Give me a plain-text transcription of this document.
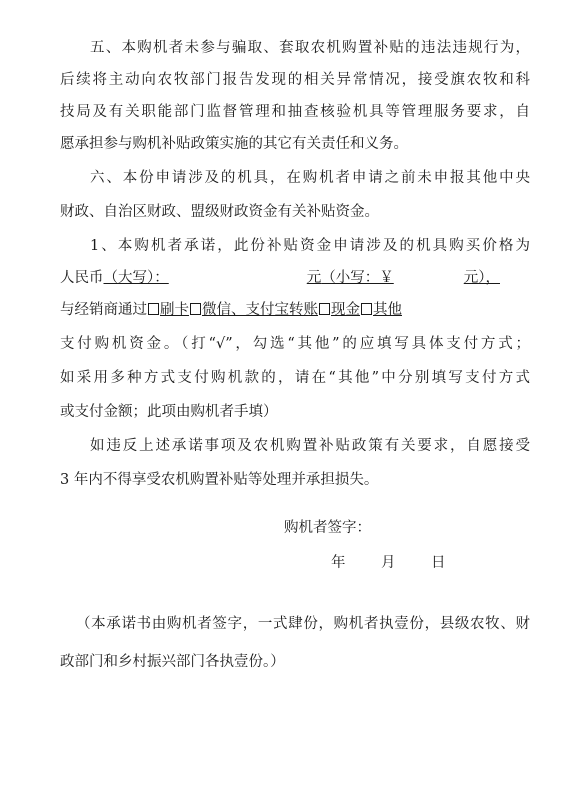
五、本购机者未参与骗取、套取农机购置补贴的违法违规行为，
后续将主动向农牧部门报告发现的相关异常情况，接受旗农牧和科
技局及有关职能部门监督管理和抽查核验机具等管理服务要求，自
愿承担参与购机补贴政策实施的其它有关责任和义务。
六、本份申请涉及的机具，在购机者申请之前未申报其他中央
财政、自治区财政、盟级财政资金有关补贴资金。
1、本购机者承诺，此份补贴资金申请涉及的机具购买价格为
人民币（大写）：	元（小写：￥	元），
与经销商通过 刷卡 微信、支付宝转账 现金 其他
支付购机资金。（打“√”，勾选“其他”的应填写具体支付方式；
如采用多种方式支付购机款的，请在“其他”中分别填写支付方式
或支付金额；此项由购机者手填）
如违反上述承诺事项及农机购置补贴政策有关要求，自愿接受
3 年内不得享受农机购置补贴等处理并承担损失。
购机者签字：
年 月 日
（本承诺书由购机者签字，一式肆份，购机者执壹份，县级农牧、财
政部门和乡村振兴部门各执壹份。）
